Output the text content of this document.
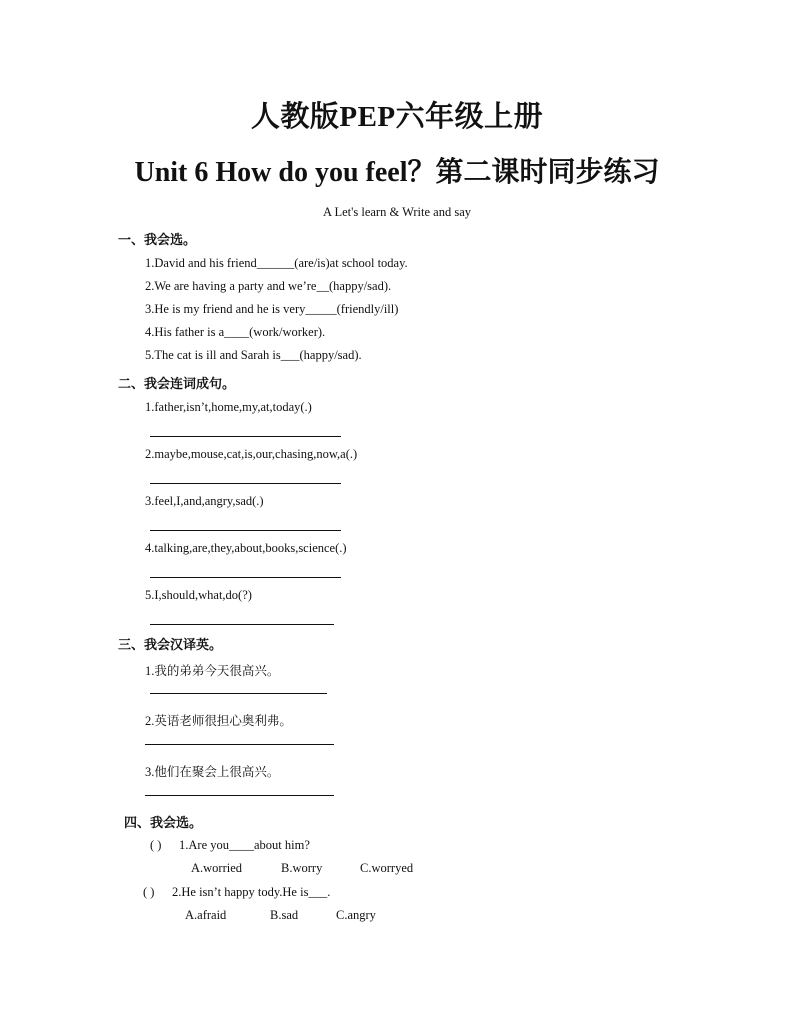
人教版PEP六年级上册
Unit 6 How do you feel？第二课时同步练习
A Let's learn & Write and say
一、我会选。
1.David and his friend______(are/is)at school today.
2.We are having a party and we’re__(happy/sad).
3.He is my friend and he is very_____(friendly/ill)
4.His father is a____(work/worker).
5.The cat is ill and Sarah is___(happy/sad).
二、我会连词成句。
1.father,isn’t,home,my,at,today(.)
2.maybe,mouse,cat,is,our,chasing,now,a(.)
3.feel,I,and,angry,sad(.)
4.talking,are,they,about,books,science(.)
5.I,should,what,do(?)
三、我会汉译英。
1.我的弟弟今天很高兴。
2.英语老师很担心奥利弗。
3.他们在聚会上很高兴。
四、我会选。
( ) 1.Are you____about him?
A.worried	B.worry	C.worryed
( ) 2.He isn’t happy tody.He is___.
A.afraid	B.sad	C.angry
